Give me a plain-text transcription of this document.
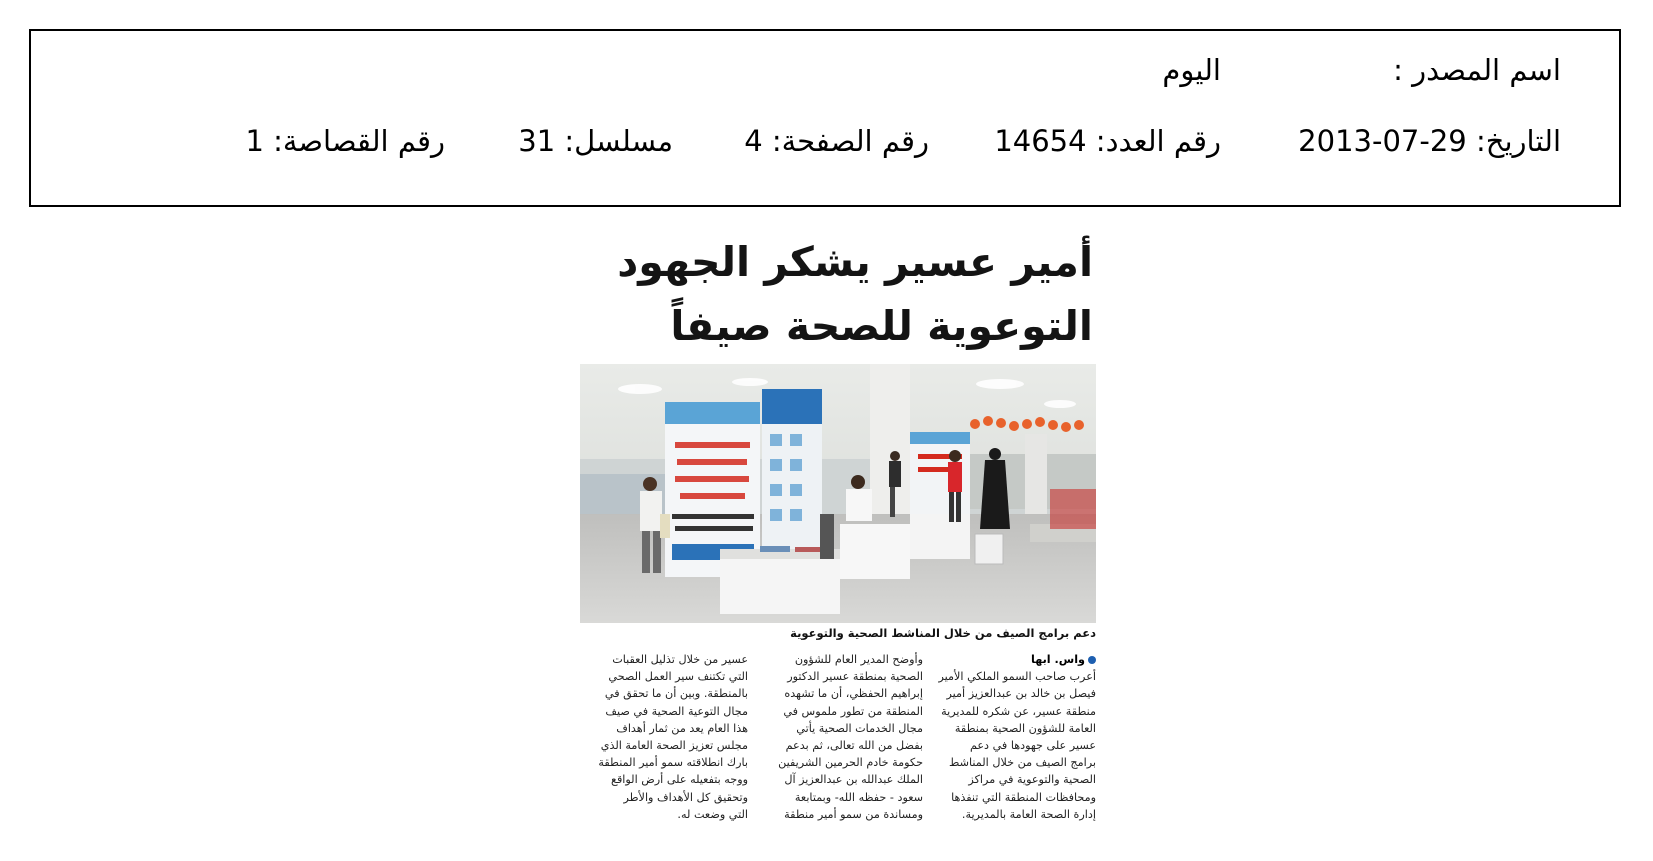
اسم المصدر :
اليوم
التاريخ: 29-07-2013
رقم العدد: 14654
رقم الصفحة: 4
مسلسل: 31
رقم القصاصة: 1
أمير عسير يشكر الجهود
التوعوية للصحة صيفاً
دعم برامج الصيف من خلال المناشط الصحية والتوعوية
واس. ابها
أعرب صاحب السمو الملكي الأمير
فيصل بن خالد بن عبدالعزيز أمير
منطقة عسير، عن شكره للمديرية
العامة للشؤون الصحية بمنطقة
عسير على جهودها في دعم
برامج الصيف من خلال المناشط
الصحية والتوعوية في مراكز
ومحافظات المنطقة التي تنفذها
إدارة الصحة العامة بالمديرية.
وأوضح المدير العام للشؤون
الصحية بمنطقة عسير الدكتور
إبراهيم الحفظي، أن ما تشهده
المنطقة من تطور ملموس في
مجال الخدمات الصحية يأتي
بفضل من الله تعالى، ثم بدعم
حكومة خادم الحرمين الشريفين
الملك عبدالله بن عبدالعزيز آل
سعود - حفظه الله- وبمتابعة
ومساندة من سمو أمير منطقة
عسير من خلال تذليل العقبات
التي تكتنف سير العمل الصحي
بالمنطقة. وبين أن ما تحقق في
مجال التوعية الصحية في صيف
هذا العام يعد من ثمار أهداف
مجلس تعزيز الصحة العامة الذي
بارك انطلاقته سمو أمير المنطقة
ووجه بتفعيله على أرض الواقع
وتحقيق كل الأهداف والأطر
التي وضعت له.
